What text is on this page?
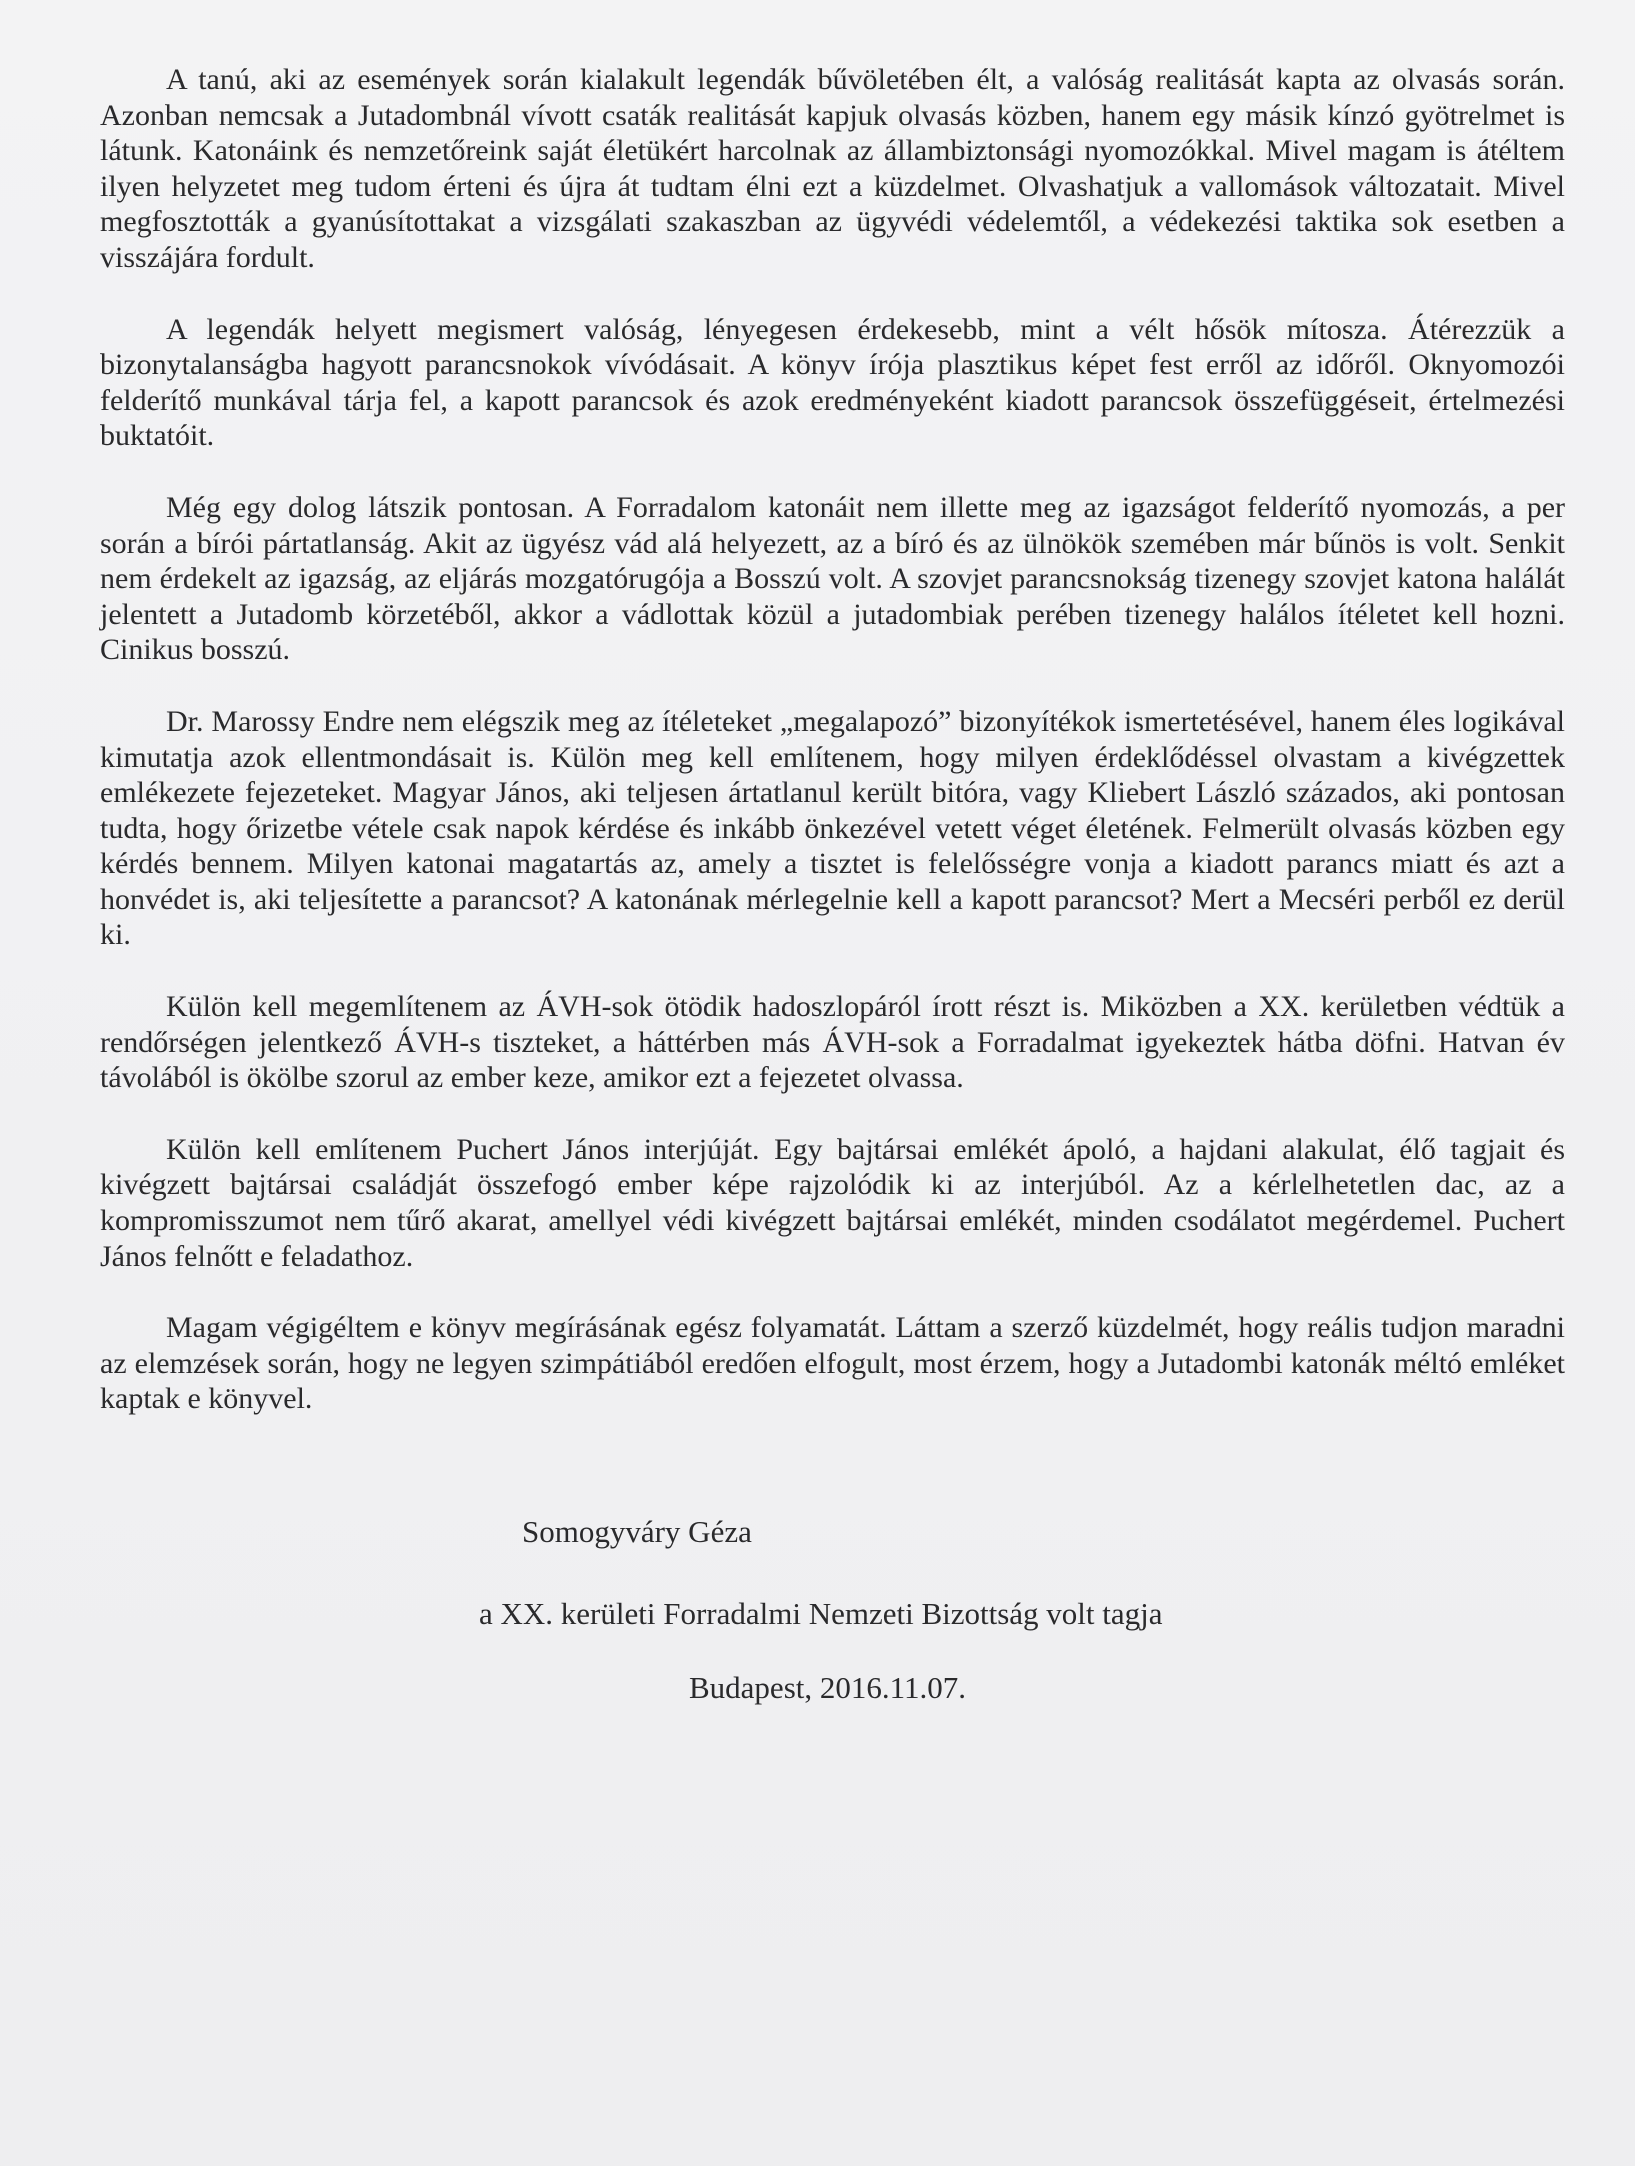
A tanú, aki az események során kialakult legendák bűvöletében élt, a valóság realitását kapta az olvasás során. Azonban nemcsak a Jutadombnál vívott csaták realitását kapjuk olvasás közben, hanem egy másik kínzó gyötrelmet is látunk. Katonáink és nemzetőreink saját életükért harcolnak az állambiztonsági nyomozókkal. Mivel magam is átéltem ilyen helyzetet meg tudom érteni és újra át tudtam élni ezt a küzdelmet. Olvashatjuk a vallomások változatait. Mivel megfosztották a gyanúsítottakat a vizsgálati szakaszban az ügyvédi védelemtől, a védekezési taktika sok esetben a visszájára fordult.

A legendák helyett megismert valóság, lényegesen érdekesebb, mint a vélt hősök mítosza. Átérezzük a bizonytalanságba hagyott parancsnokok vívódásait. A könyv írója plasztikus képet fest erről az időről. Oknyomozói felderítő munkával tárja fel, a kapott parancsok és azok eredményeként kiadott parancsok összefüggéseit, értelmezési buktatóit.

Még egy dolog látszik pontosan. A Forradalom katonáit nem illette meg az igazságot felderítő nyomozás, a per során a bírói pártatlanság. Akit az ügyész vád alá helyezett, az a bíró és az ülnökök szemében már bűnös is volt. Senkit nem érdekelt az igazság, az eljárás mozgatórugója a Bosszú volt. A szovjet parancsnokság tizenegy szovjet katona halálát jelentett a Jutadomb körzetéből, akkor a vádlottak közül a jutadombiak perében tizenegy halálos ítéletet kell hozni. Cinikus bosszú.

Dr. Marossy Endre nem elégszik meg az ítéleteket „megalapozó” bizonyítékok ismertetésével, hanem éles logikával kimutatja azok ellentmondásait is. Külön meg kell említenem, hogy milyen érdeklődéssel olvastam a kivégzettek emlékezete fejezeteket. Magyar János, aki teljesen ártatlanul került bitóra, vagy Kliebert László százados, aki pontosan tudta, hogy őrizetbe vétele csak napok kérdése és inkább önkezével vetett véget életének. Felmerült olvasás közben egy kérdés bennem. Milyen katonai magatartás az, amely a tisztet is felelősségre vonja a kiadott parancs miatt és azt a honvédet is, aki teljesítette a parancsot? A katonának mérlegelnie kell a kapott parancsot? Mert a Mecséri perből ez derül ki.

Külön kell megemlítenem az ÁVH-sok ötödik hadoszlopáról írott részt is. Miközben a XX. kerületben védtük a rendőrségen jelentkező ÁVH-s tiszteket, a háttérben más ÁVH-sok a Forradalmat igyekeztek hátba döfni. Hatvan év távolából is ökölbe szorul az ember keze, amikor ezt a fejezetet olvassa.

Külön kell említenem Puchert János interjúját. Egy bajtársai emlékét ápoló, a hajdani alakulat, élő tagjait és kivégzett bajtársai családját összefogó ember képe rajzolódik ki az interjúból. Az a kérlelhetetlen dac, az a kompromisszumot nem tűrő akarat, amellyel védi kivégzett bajtársai emlékét, minden csodálatot megérdemel. Puchert János felnőtt e feladathoz.

Magam végigéltem e könyv megírásának egész folyamatát. Láttam a szerző küzdelmét, hogy reális tudjon maradni az elemzések során, hogy ne legyen szimpátiából eredően elfogult, most érzem, hogy a Jutadombi katonák méltó emléket kaptak e könyvel.

Somogyváry Géza
a XX. kerületi Forradalmi Nemzeti Bizottság volt tagja
Budapest, 2016.11.07.
